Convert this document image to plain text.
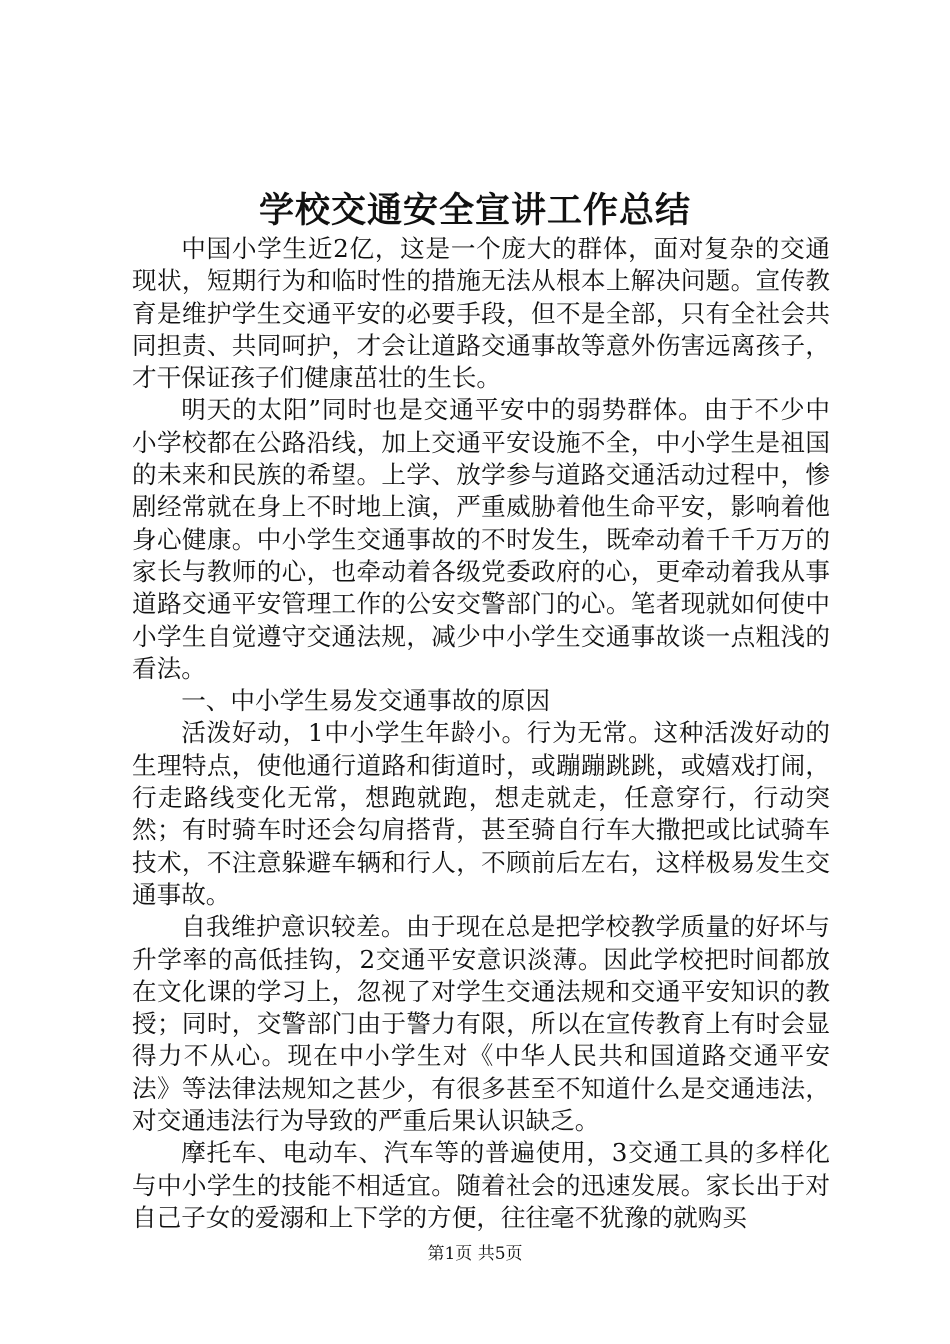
学校交通安全宣讲工作总结

中国小学生近2亿，这是一个庞大的群体，面对复杂的交通现状，短期行为和临时性的措施无法从根本上解决问题。宣传教育是维护学生交通平安的必要手段，但不是全部，只有全社会共同担责、共同呵护，才会让道路交通事故等意外伤害远离孩子，才干保证孩子们健康茁壮的生长。

明天的太阳”同时也是交通平安中的弱势群体。由于不少中小学校都在公路沿线，加上交通平安设施不全，中小学生是祖国的未来和民族的希望。上学、放学参与道路交通活动过程中，惨剧经常就在身上不时地上演，严重威胁着他生命平安，影响着他身心健康。中小学生交通事故的不时发生，既牵动着千千万万的家长与教师的心，也牵动着各级党委政府的心，更牵动着我从事道路交通平安管理工作的公安交警部门的心。笔者现就如何使中小学生自觉遵守交通法规，减少中小学生交通事故谈一点粗浅的看法。

一、中小学生易发交通事故的原因

活泼好动，1中小学生年龄小。行为无常。这种活泼好动的生理特点，使他通行道路和街道时，或蹦蹦跳跳，或嬉戏打闹，行走路线变化无常，想跑就跑，想走就走，任意穿行，行动突然；有时骑车时还会勾肩搭背，甚至骑自行车大撒把或比试骑车技术，不注意躲避车辆和行人，不顾前后左右，这样极易发生交通事故。

自我维护意识较差。由于现在总是把学校教学质量的好坏与升学率的高低挂钩，2交通平安意识淡薄。因此学校把时间都放在文化课的学习上，忽视了对学生交通法规和交通平安知识的教授；同时，交警部门由于警力有限，所以在宣传教育上有时会显得力不从心。现在中小学生对《中华人民共和国道路交通平安法》等法律法规知之甚少，有很多甚至不知道什么是交通违法，对交通违法行为导致的严重后果认识缺乏。

摩托车、电动车、汽车等的普遍使用，3交通工具的多样化与中小学生的技能不相适宜。随着社会的迅速发展。家长出于对自己子女的爱溺和上下学的方便，往往毫不犹豫的就购买

第1页 共5页
